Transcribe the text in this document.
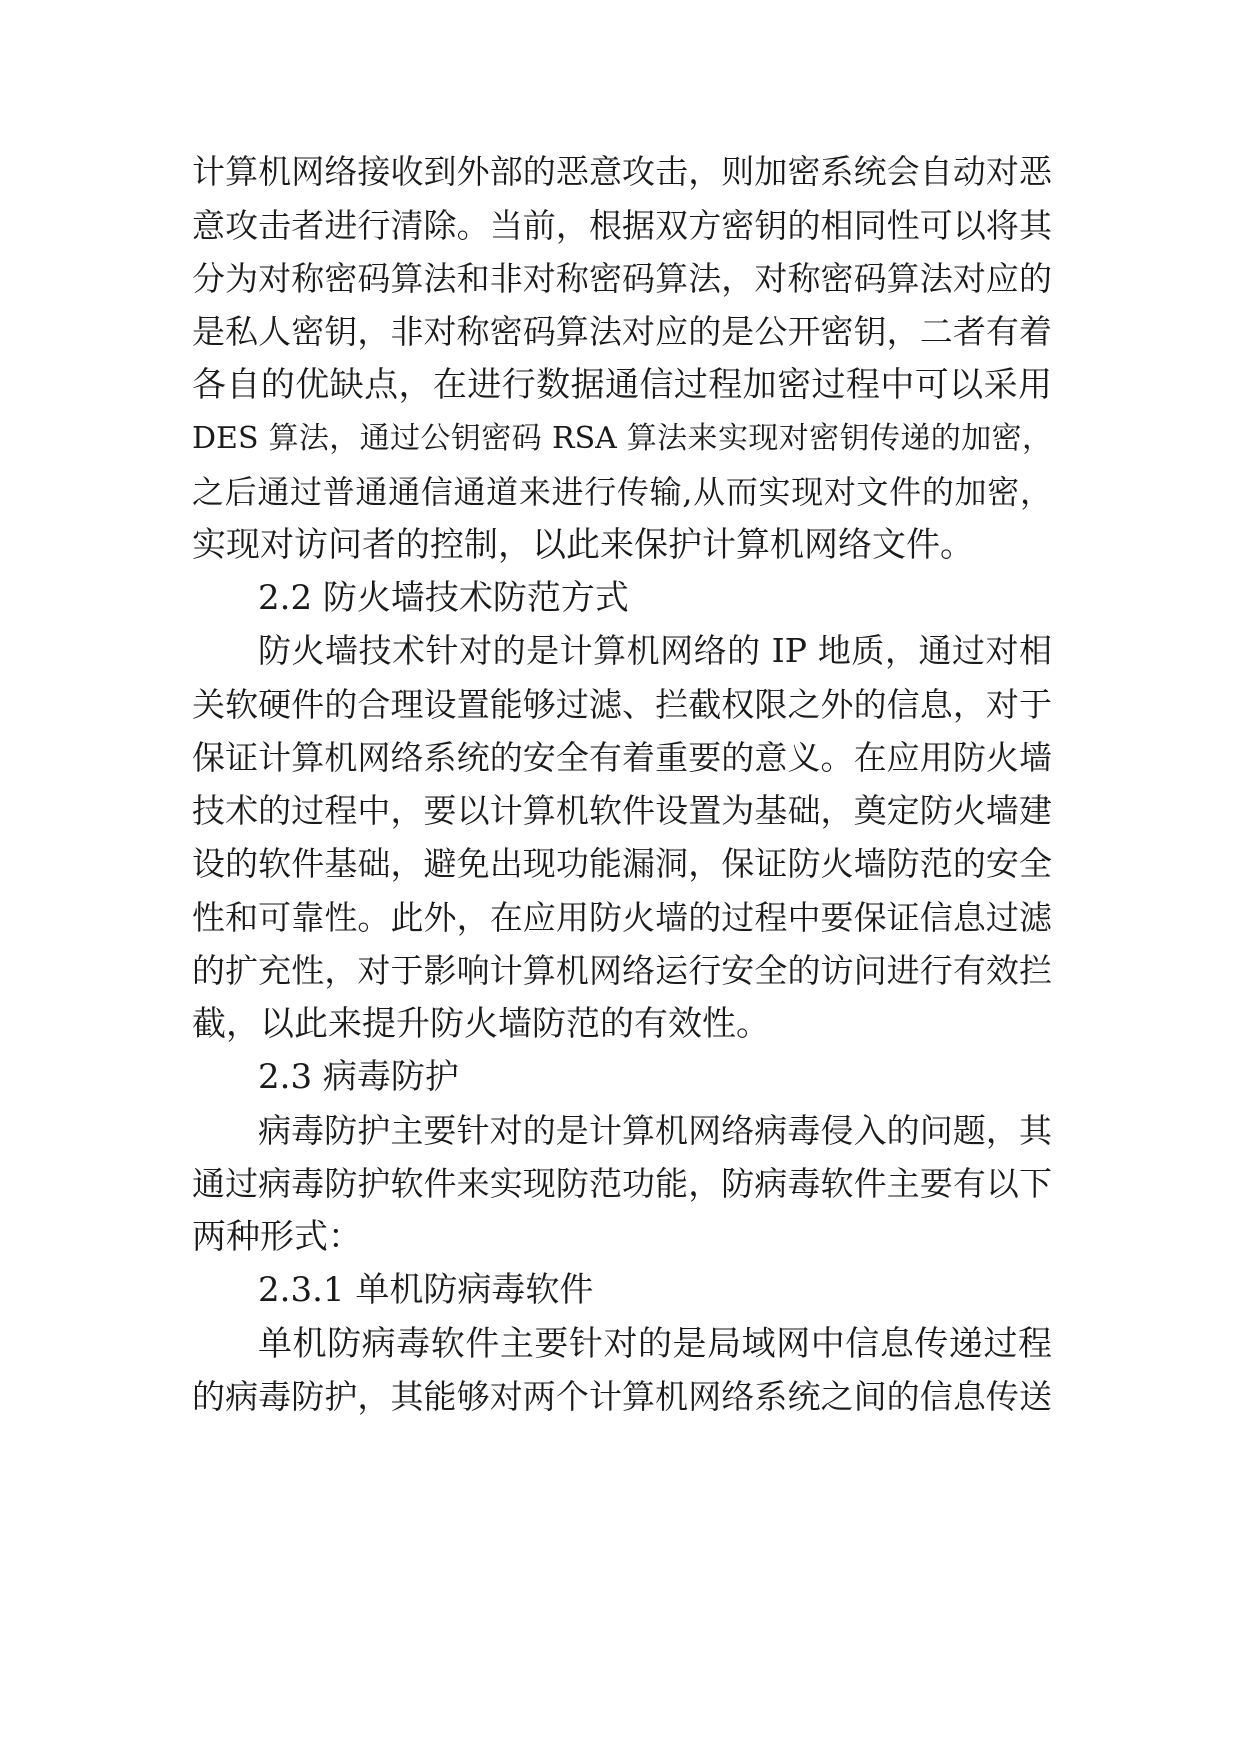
计算机网络接收到外部的恶意攻击，则加密系统会自动对恶
意攻击者进行清除。当前，根据双方密钥的相同性可以将其
分为对称密码算法和非对称密码算法，对称密码算法对应的
是私人密钥，非对称密码算法对应的是公开密钥，二者有着
各自的优缺点，在进行数据通信过程加密过程中可以采用
DES 算法，通过公钥密码 RSA 算法来实现对密钥传递的加密，
之后通过普通通信通道来进行传输,从而实现对文件的加密，
实现对访问者的控制，以此来保护计算机网络文件。
2.2 防火墙技术防范方式
防火墙技术针对的是计算机网络的 IP 地质，通过对相
关软硬件的合理设置能够过滤、拦截权限之外的信息，对于
保证计算机网络系统的安全有着重要的意义。在应用防火墙
技术的过程中，要以计算机软件设置为基础，奠定防火墙建
设的软件基础，避免出现功能漏洞，保证防火墙防范的安全
性和可靠性。此外，在应用防火墙的过程中要保证信息过滤
的扩充性，对于影响计算机网络运行安全的访问进行有效拦
截，以此来提升防火墙防范的有效性。
2.3 病毒防护
病毒防护主要针对的是计算机网络病毒侵入的问题，其
通过病毒防护软件来实现防范功能，防病毒软件主要有以下
两种形式：
2.3.1 单机防病毒软件
单机防病毒软件主要针对的是局域网中信息传递过程
的病毒防护，其能够对两个计算机网络系统之间的信息传送
